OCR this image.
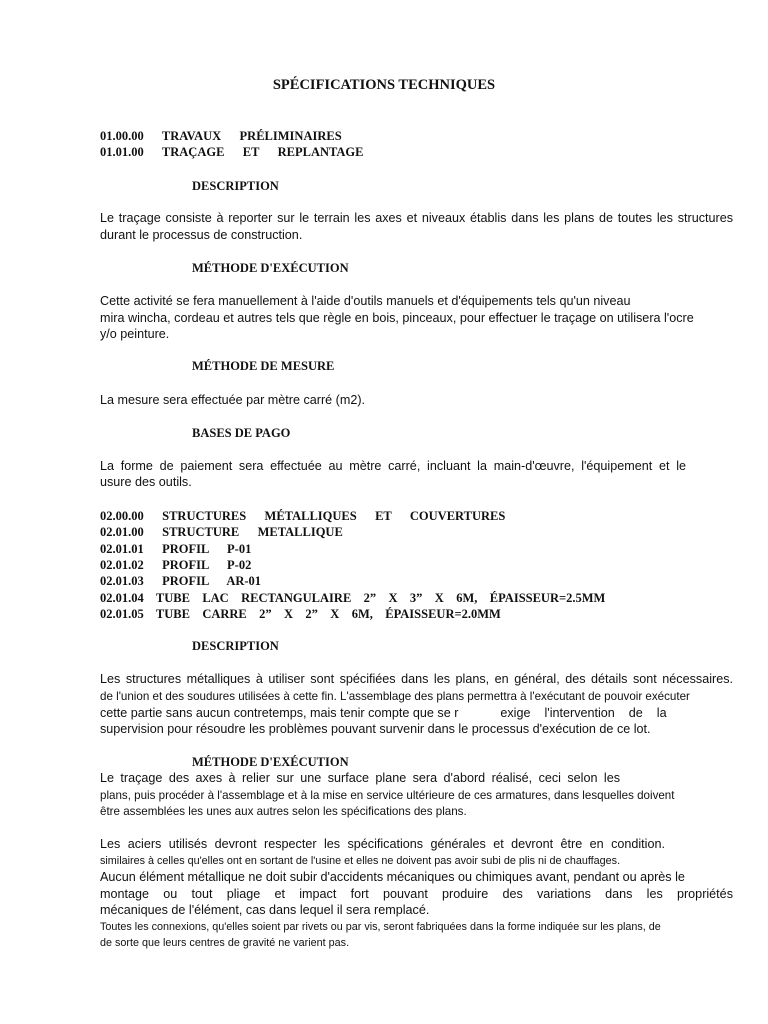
SPÉCIFICATIONS TECHNIQUES
01.00.00   TRAVAUX   PRÉLIMINAIRES
01.01.00   TRAÇAGE   ET   REPLANTAGE
DESCRIPTION
Le traçage consiste à reporter sur le terrain les axes et niveaux établis dans les plans de toutes les structures durant le processus de construction.
MÉTHODE D'EXÉCUTION
Cette activité se fera manuellement à l'aide d'outils manuels et d'équipements tels qu'un niveau
mira wincha, cordeau et autres tels que règle en bois, pinceaux, pour effectuer le traçage on utilisera l'ocre
y/o peinture.
MÉTHODE DE MESURE
La mesure sera effectuée par mètre carré (m2).
BASES DE PAGO
La forme de paiement sera effectuée au mètre carré, incluant la main-d'œuvre, l'équipement et le
usure des outils.
02.00.00   STRUCTURES   MÉTALLIQUES   ET   COUVERTURES
02.01.00   STRUCTURE   METALLIQUE
02.01.01   PROFIL   P-01
02.01.02   PROFIL   P-02
02.01.03   PROFIL   AR-01
02.01.04   TUBE   LAC   RECTANGULAIRE   2”   X   3”   X   6M,   ÉPAISSEUR=2.5MM
02.01.05   TUBE   CARRE   2”   X   2”   X   6M,   ÉPAISSEUR=2.0MM
DESCRIPTION
Les structures métalliques à utiliser sont spécifiées dans les plans, en général, des détails sont nécessaires.
de l'union et des soudures utilisées à cette fin. L'assemblage des plans permettra à l'exécutant de pouvoir exécuter
cette partie sans aucun contretemps, mais tenir compte que se r            exige    l'intervention    de    la
supervision pour résoudre les problèmes pouvant survenir dans le processus d'exécution de ce lot.
MÉTHODE D'EXÉCUTION
Le traçage des axes à relier sur une surface plane sera d'abord réalisé, ceci selon les
plans, puis procéder à l'assemblage et à la mise en service ultérieure de ces armatures, dans lesquelles doivent
être assemblées les unes aux autres selon les spécifications des plans.
Les aciers utilisés devront respecter les spécifications générales et devront être en condition.
similaires à celles qu'elles ont en sortant de l'usine et elles ne doivent pas avoir subi de plis ni de chauffages.
Aucun élément métallique ne doit subir d'accidents mécaniques ou chimiques avant, pendant ou après le
montage ou tout pliage et impact fort pouvant produire des variations dans les propriétés
mécaniques de l'élément, cas dans lequel il sera remplacé.
Toutes les connexions, qu'elles soient par rivets ou par vis, seront fabriquées dans la forme indiquée sur les plans, de
de sorte que leurs centres de gravité ne varient pas.
